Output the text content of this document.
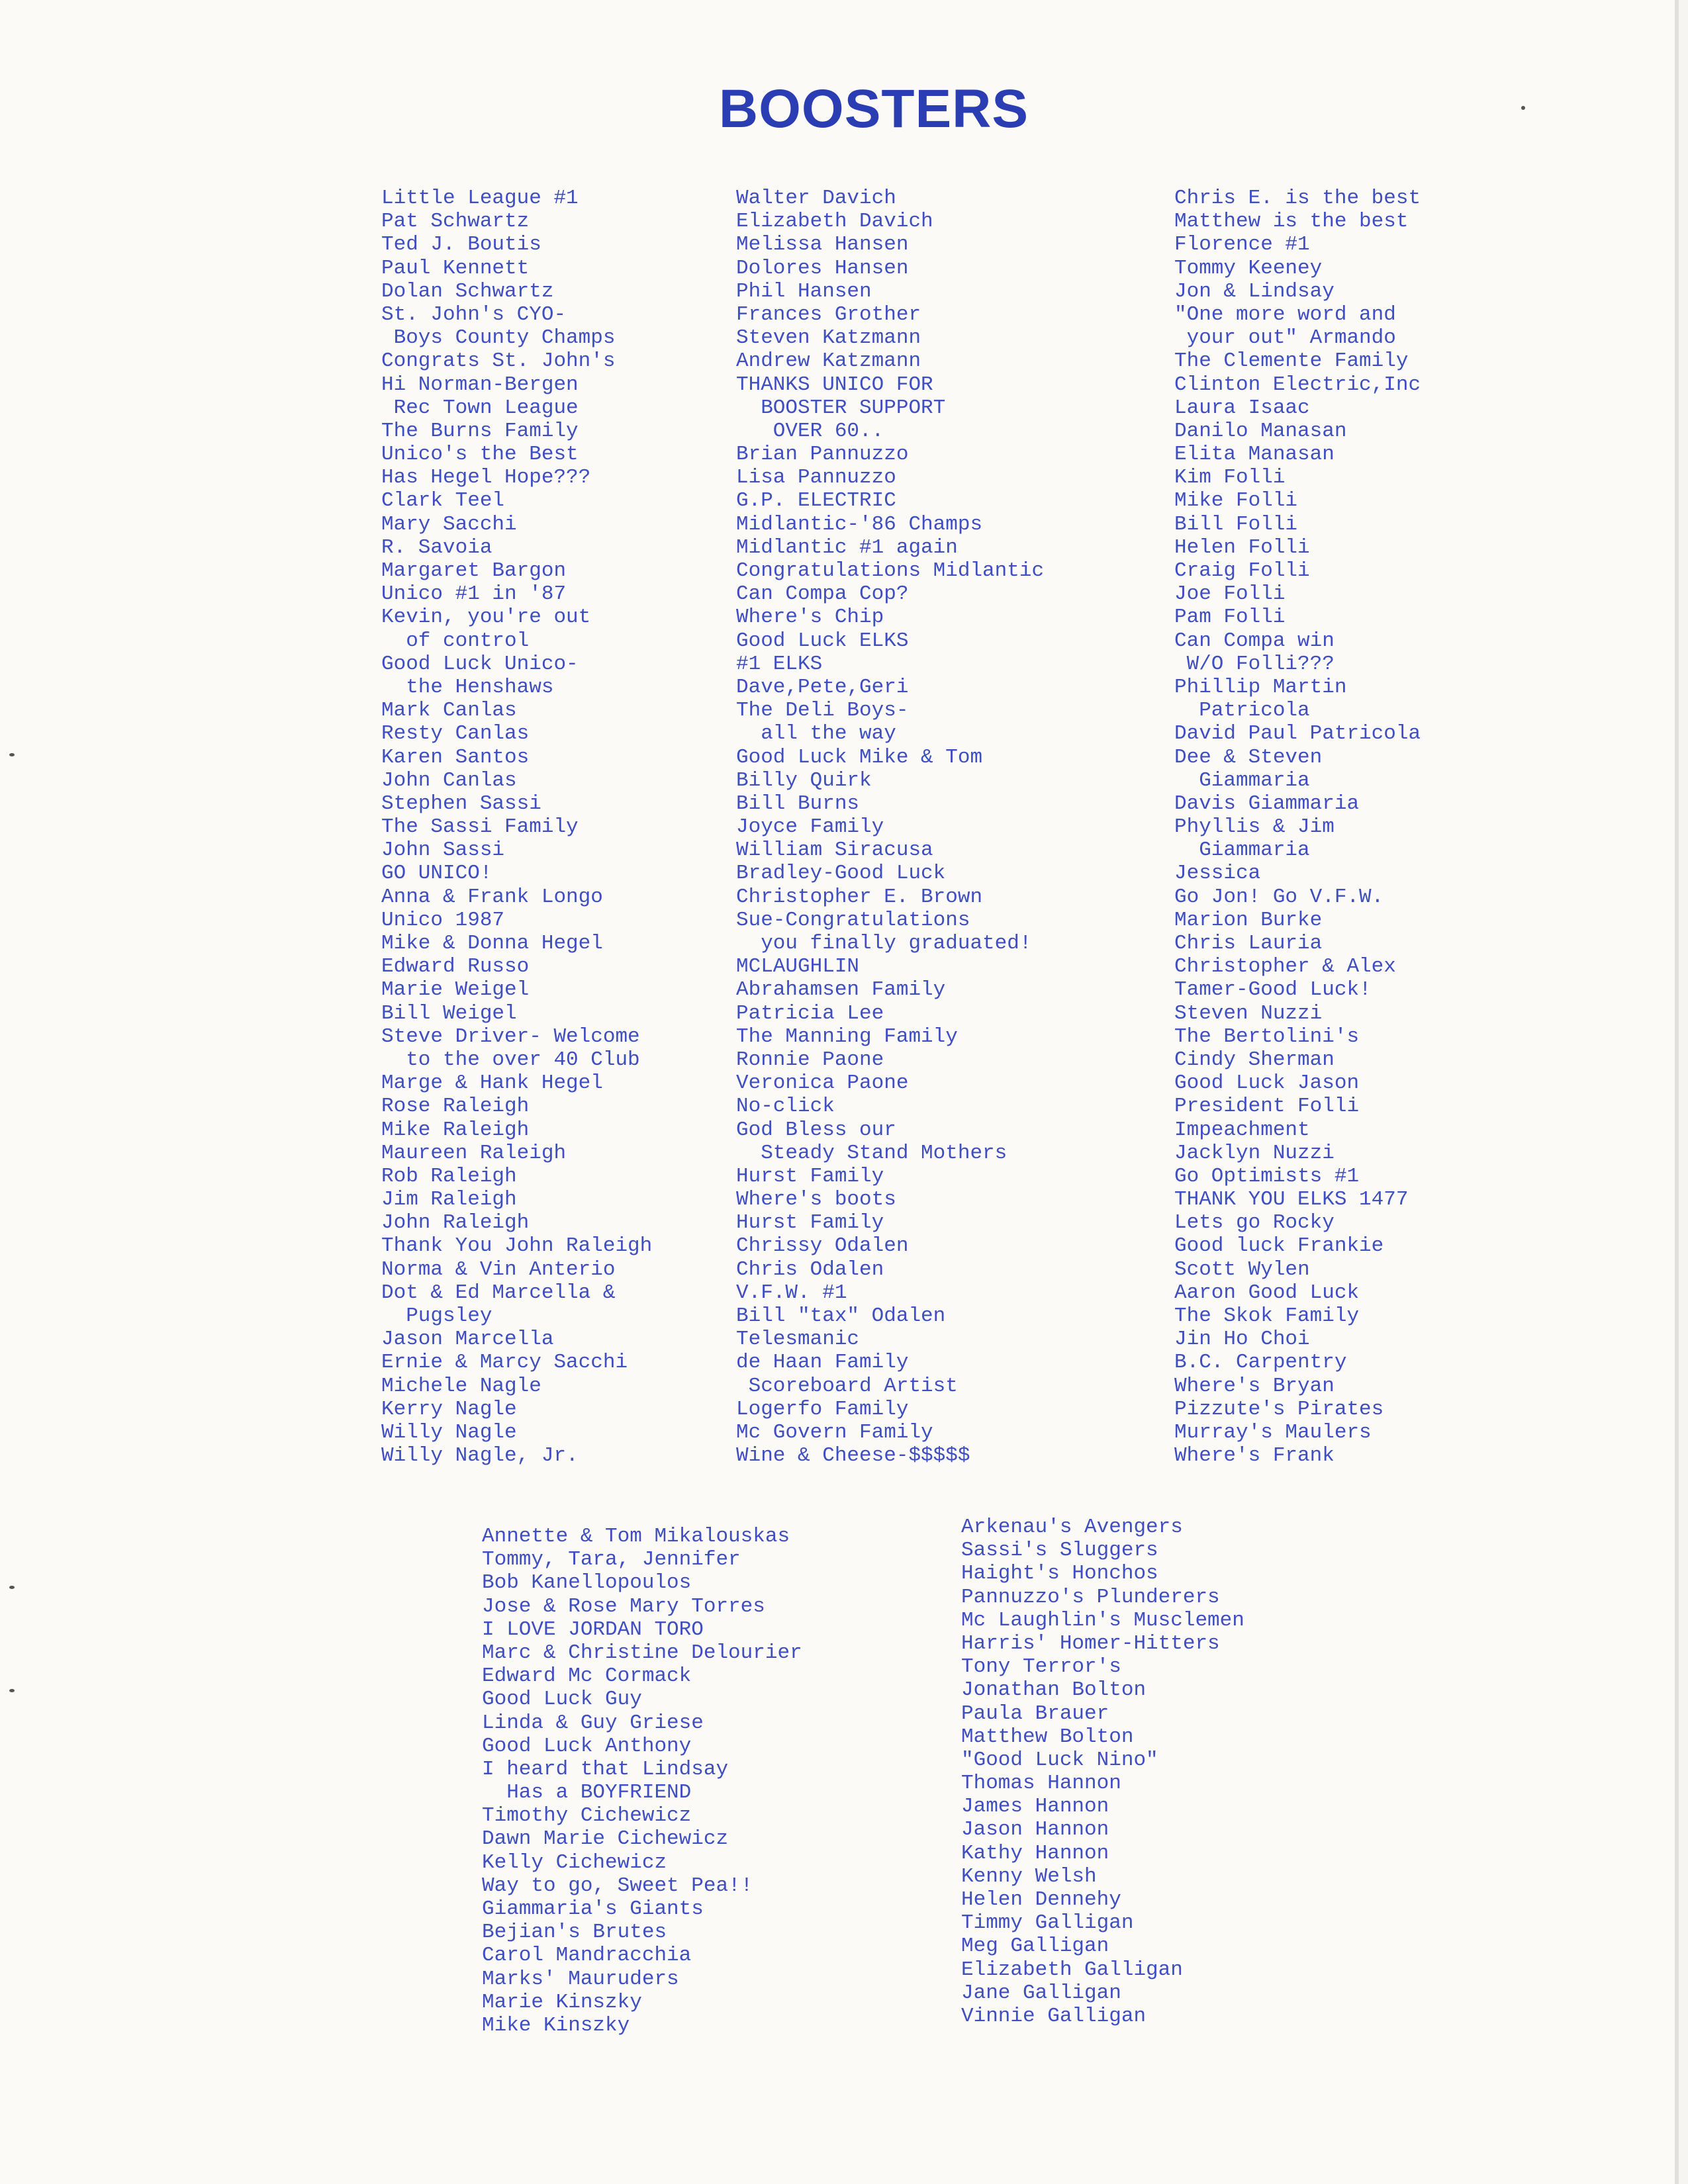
BOOSTERS
Little League #1
Pat Schwartz
Ted J. Boutis
Paul Kennett
Dolan Schwartz
St. John's CYO-
Boys County Champs
Congrats St. John's
Hi Norman-Bergen
Rec Town League
The Burns Family
Unico's the Best
Has Hegel Hope???
Clark Teel
Mary Sacchi
R. Savoia
Margaret Bargon
Unico #1 in '87
Kevin, you're out
of control
Good Luck Unico-
the Henshaws
Mark Canlas
Resty Canlas
Karen Santos
John Canlas
Stephen Sassi
The Sassi Family
John Sassi
GO UNICO!
Anna & Frank Longo
Unico 1987
Mike & Donna Hegel
Edward Russo
Marie Weigel
Bill Weigel
Steve Driver- Welcome
to the over 40 Club
Marge & Hank Hegel
Rose Raleigh
Mike Raleigh
Maureen Raleigh
Rob Raleigh
Jim Raleigh
John Raleigh
Thank You John Raleigh
Norma & Vin Anterio
Dot & Ed Marcella &
Pugsley
Jason Marcella
Ernie & Marcy Sacchi
Michele Nagle
Kerry Nagle
Willy Nagle
Willy Nagle, Jr.
Walter Davich
Elizabeth Davich
Melissa Hansen
Dolores Hansen
Phil Hansen
Frances Grother
Steven Katzmann
Andrew Katzmann
THANKS UNICO FOR
BOOSTER SUPPORT
OVER 60..
Brian Pannuzzo
Lisa Pannuzzo
G.P. ELECTRIC
Midlantic-'86 Champs
Midlantic #1 again
Congratulations Midlantic
Can Compa Cop?
Where's Chip
Good Luck ELKS
#1 ELKS
Dave,Pete,Geri
The Deli Boys-
all the way
Good Luck Mike & Tom
Billy Quirk
Bill Burns
Joyce Family
William Siracusa
Bradley-Good Luck
Christopher E. Brown
Sue-Congratulations
you finally graduated!
MCLAUGHLIN
Abrahamsen Family
Patricia Lee
The Manning Family
Ronnie Paone
Veronica Paone
No-click
God Bless our
Steady Stand Mothers
Hurst Family
Where's boots
Hurst Family
Chrissy Odalen
Chris Odalen
V.F.W. #1
Bill "tax" Odalen
Telesmanic
de Haan Family
Scoreboard Artist
Logerfo Family
Mc Govern Family
Wine & Cheese-$$$$$
Chris E. is the best
Matthew is the best
Florence #1
Tommy Keeney
Jon & Lindsay
"One more word and
your out" Armando
The Clemente Family
Clinton Electric,Inc
Laura Isaac
Danilo Manasan
Elita Manasan
Kim Folli
Mike Folli
Bill Folli
Helen Folli
Craig Folli
Joe Folli
Pam Folli
Can Compa win
W/O Folli???
Phillip Martin
Patricola
David Paul Patricola
Dee & Steven
Giammaria
Davis Giammaria
Phyllis & Jim
Giammaria
Jessica
Go Jon! Go V.F.W.
Marion Burke
Chris Lauria
Christopher & Alex
Tamer-Good Luck!
Steven Nuzzi
The Bertolini's
Cindy Sherman
Good Luck Jason
President Folli
Impeachment
Jacklyn Nuzzi
Go Optimists #1
THANK YOU ELKS 1477
Lets go Rocky
Good luck Frankie
Scott Wylen
Aaron Good Luck
The Skok Family
Jin Ho Choi
B.C. Carpentry
Where's Bryan
Pizzute's Pirates
Murray's Maulers
Where's Frank
Annette & Tom Mikalouskas
Tommy, Tara, Jennifer
Bob Kanellopoulos
Jose & Rose Mary Torres
I LOVE JORDAN TORO
Marc & Christine Delourier
Edward Mc Cormack
Good Luck Guy
Linda & Guy Griese
Good Luck Anthony
I heard that Lindsay
Has a BOYFRIEND
Timothy Cichewicz
Dawn Marie Cichewicz
Kelly Cichewicz
Way to go, Sweet Pea!!
Giammaria's Giants
Bejian's Brutes
Carol Mandracchia
Marks' Mauruders
Marie Kinszky
Mike Kinszky
Arkenau's Avengers
Sassi's Sluggers
Haight's Honchos
Pannuzzo's Plunderers
Mc Laughlin's Musclemen
Harris' Homer-Hitters
Tony Terror's
Jonathan Bolton
Paula Brauer
Matthew Bolton
"Good Luck Nino"
Thomas Hannon
James Hannon
Jason Hannon
Kathy Hannon
Kenny Welsh
Helen Dennehy
Timmy Galligan
Meg Galligan
Elizabeth Galligan
Jane Galligan
Vinnie Galligan
